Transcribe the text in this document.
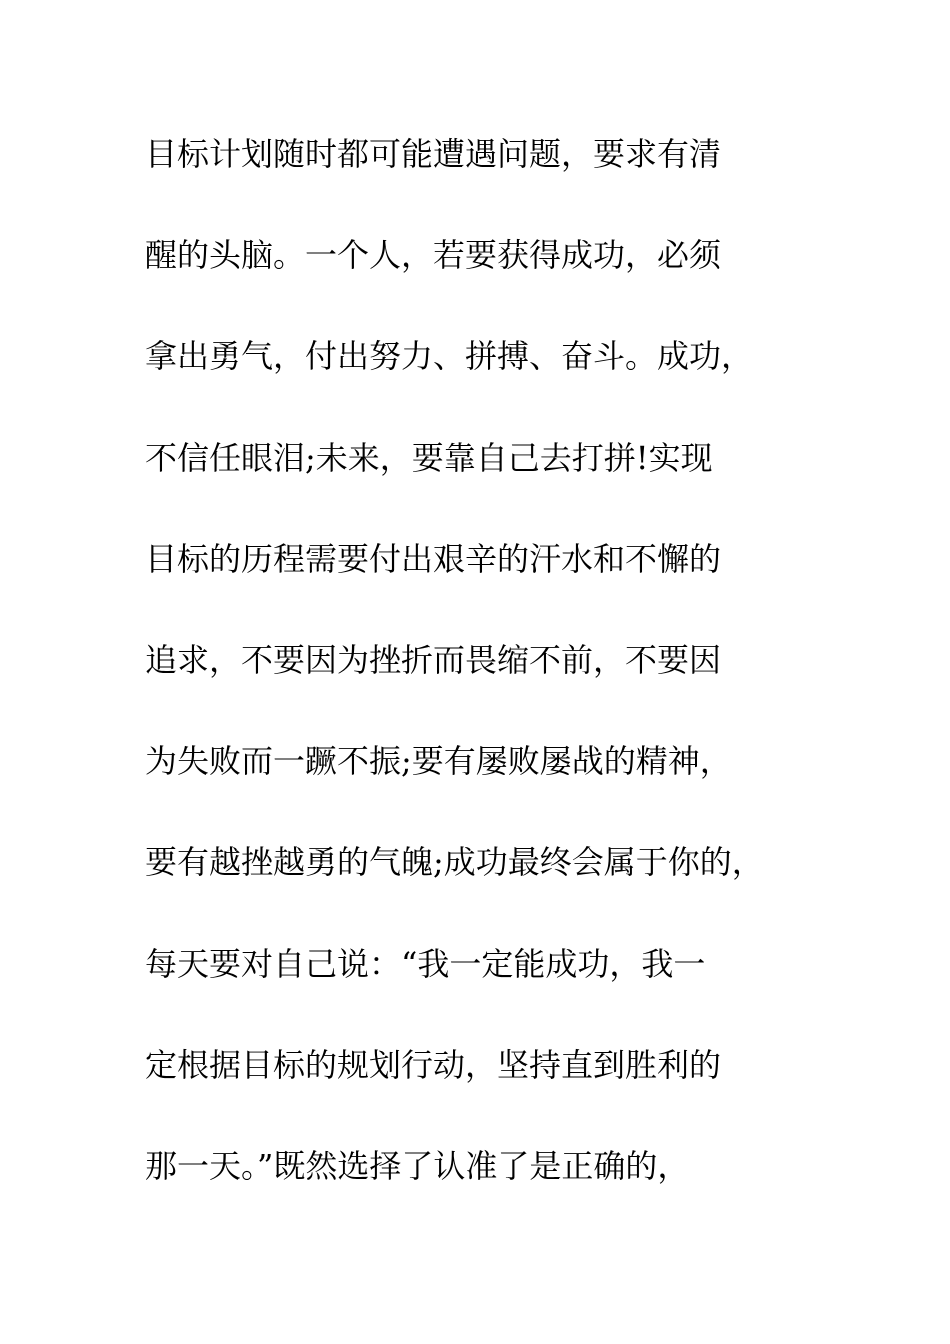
目标计划随时都可能遭遇问题，要求有清
醒的头脑。一个人，若要获得成功，必须
拿出勇气，付出努力、拼搏、奋斗。成功，
不信任眼泪;未来，要靠自己去打拼!实现
目标的历程需要付出艰辛的汗水和不懈的
追求，不要因为挫折而畏缩不前，不要因
为失败而一蹶不振;要有屡败屡战的精神，
要有越挫越勇的气魄;成功最终会属于你的，
每天要对自己说：“我一定能成功，我一
定根据目标的规划行动，坚持直到胜利的
那一天。”既然选择了认准了是正确的，
